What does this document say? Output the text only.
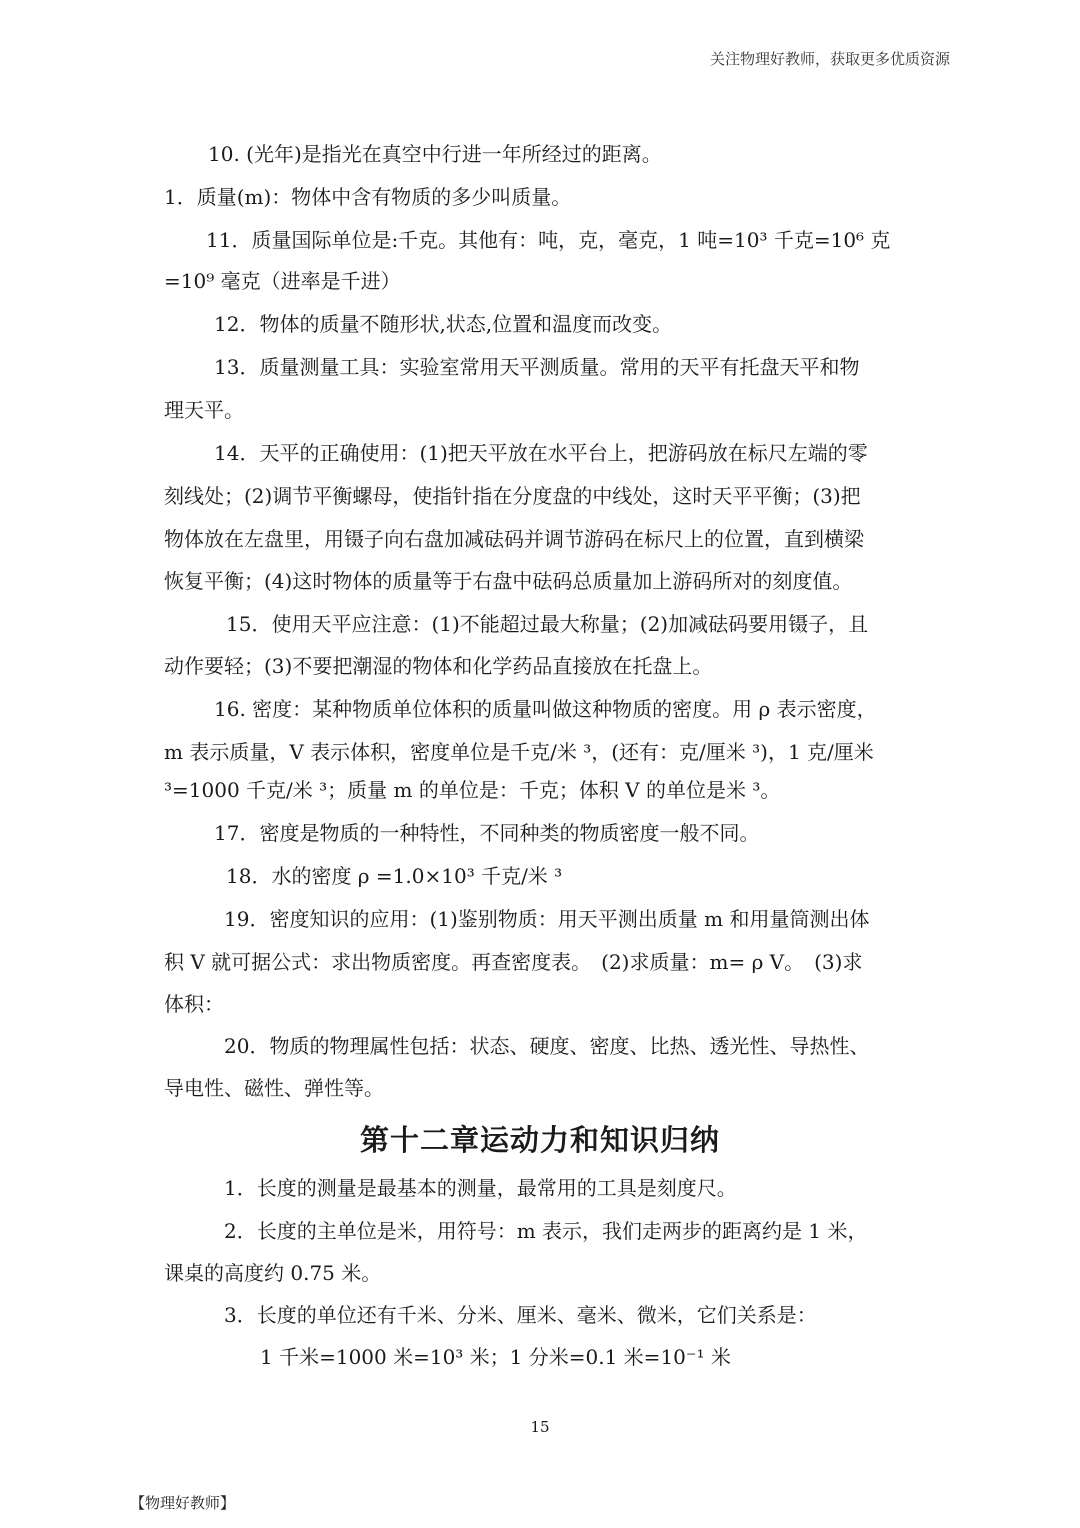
关注物理好教师，获取更多优质资源
10. (光年)是指光在真空中行进一年所经过的距离。
1．质量(m)：物体中含有物质的多少叫质量。
11．质量国际单位是:千克。其他有：吨，克，毫克，1 吨=10³ 千克=10⁶ 克
=10⁹ 毫克（进率是千进）
12．物体的质量不随形状,状态,位置和温度而改变。
13．质量测量工具：实验室常用天平测质量。常用的天平有托盘天平和物
理天平。
14．天平的正确使用：(1)把天平放在水平台上，把游码放在标尺左端的零
刻线处；(2)调节平衡螺母，使指针指在分度盘的中线处，这时天平平衡；(3)把
物体放在左盘里，用镊子向右盘加减砝码并调节游码在标尺上的位置，直到横梁
恢复平衡；(4)这时物体的质量等于右盘中砝码总质量加上游码所对的刻度值。
15．使用天平应注意：(1)不能超过最大称量；(2)加减砝码要用镊子，且
动作要轻；(3)不要把潮湿的物体和化学药品直接放在托盘上。
16. 密度：某种物质单位体积的质量叫做这种物质的密度。用 ρ 表示密度，
m 表示质量，V 表示体积，密度单位是千克/米 ³，(还有：克/厘米 ³)，1 克/厘米
³=1000 千克/米 ³；质量 m 的单位是：千克；体积 V 的单位是米 ³。
17．密度是物质的一种特性，不同种类的物质密度一般不同。
18．水的密度 ρ =1.0×10³ 千克/米 ³
19．密度知识的应用：(1)鉴别物质：用天平测出质量 m 和用量筒测出体
积 V 就可据公式：求出物质密度。再查密度表。　(2)求质量：m= ρ V。　(3)求
体积：
20．物质的物理属性包括：状态、硬度、密度、比热、透光性、导热性、
导电性、磁性、弹性等。
第十二章运动力和知识归纳
1．长度的测量是最基本的测量，最常用的工具是刻度尺。
2．长度的主单位是米，用符号：m 表示，我们走两步的距离约是 1 米，
课桌的高度约 0.75 米。
3．长度的单位还有千米、分米、厘米、毫米、微米，它们关系是：
1 千米=1000 米=10³ 米；1 分米=0.1 米=10⁻¹ 米
15
【物理好教师】
